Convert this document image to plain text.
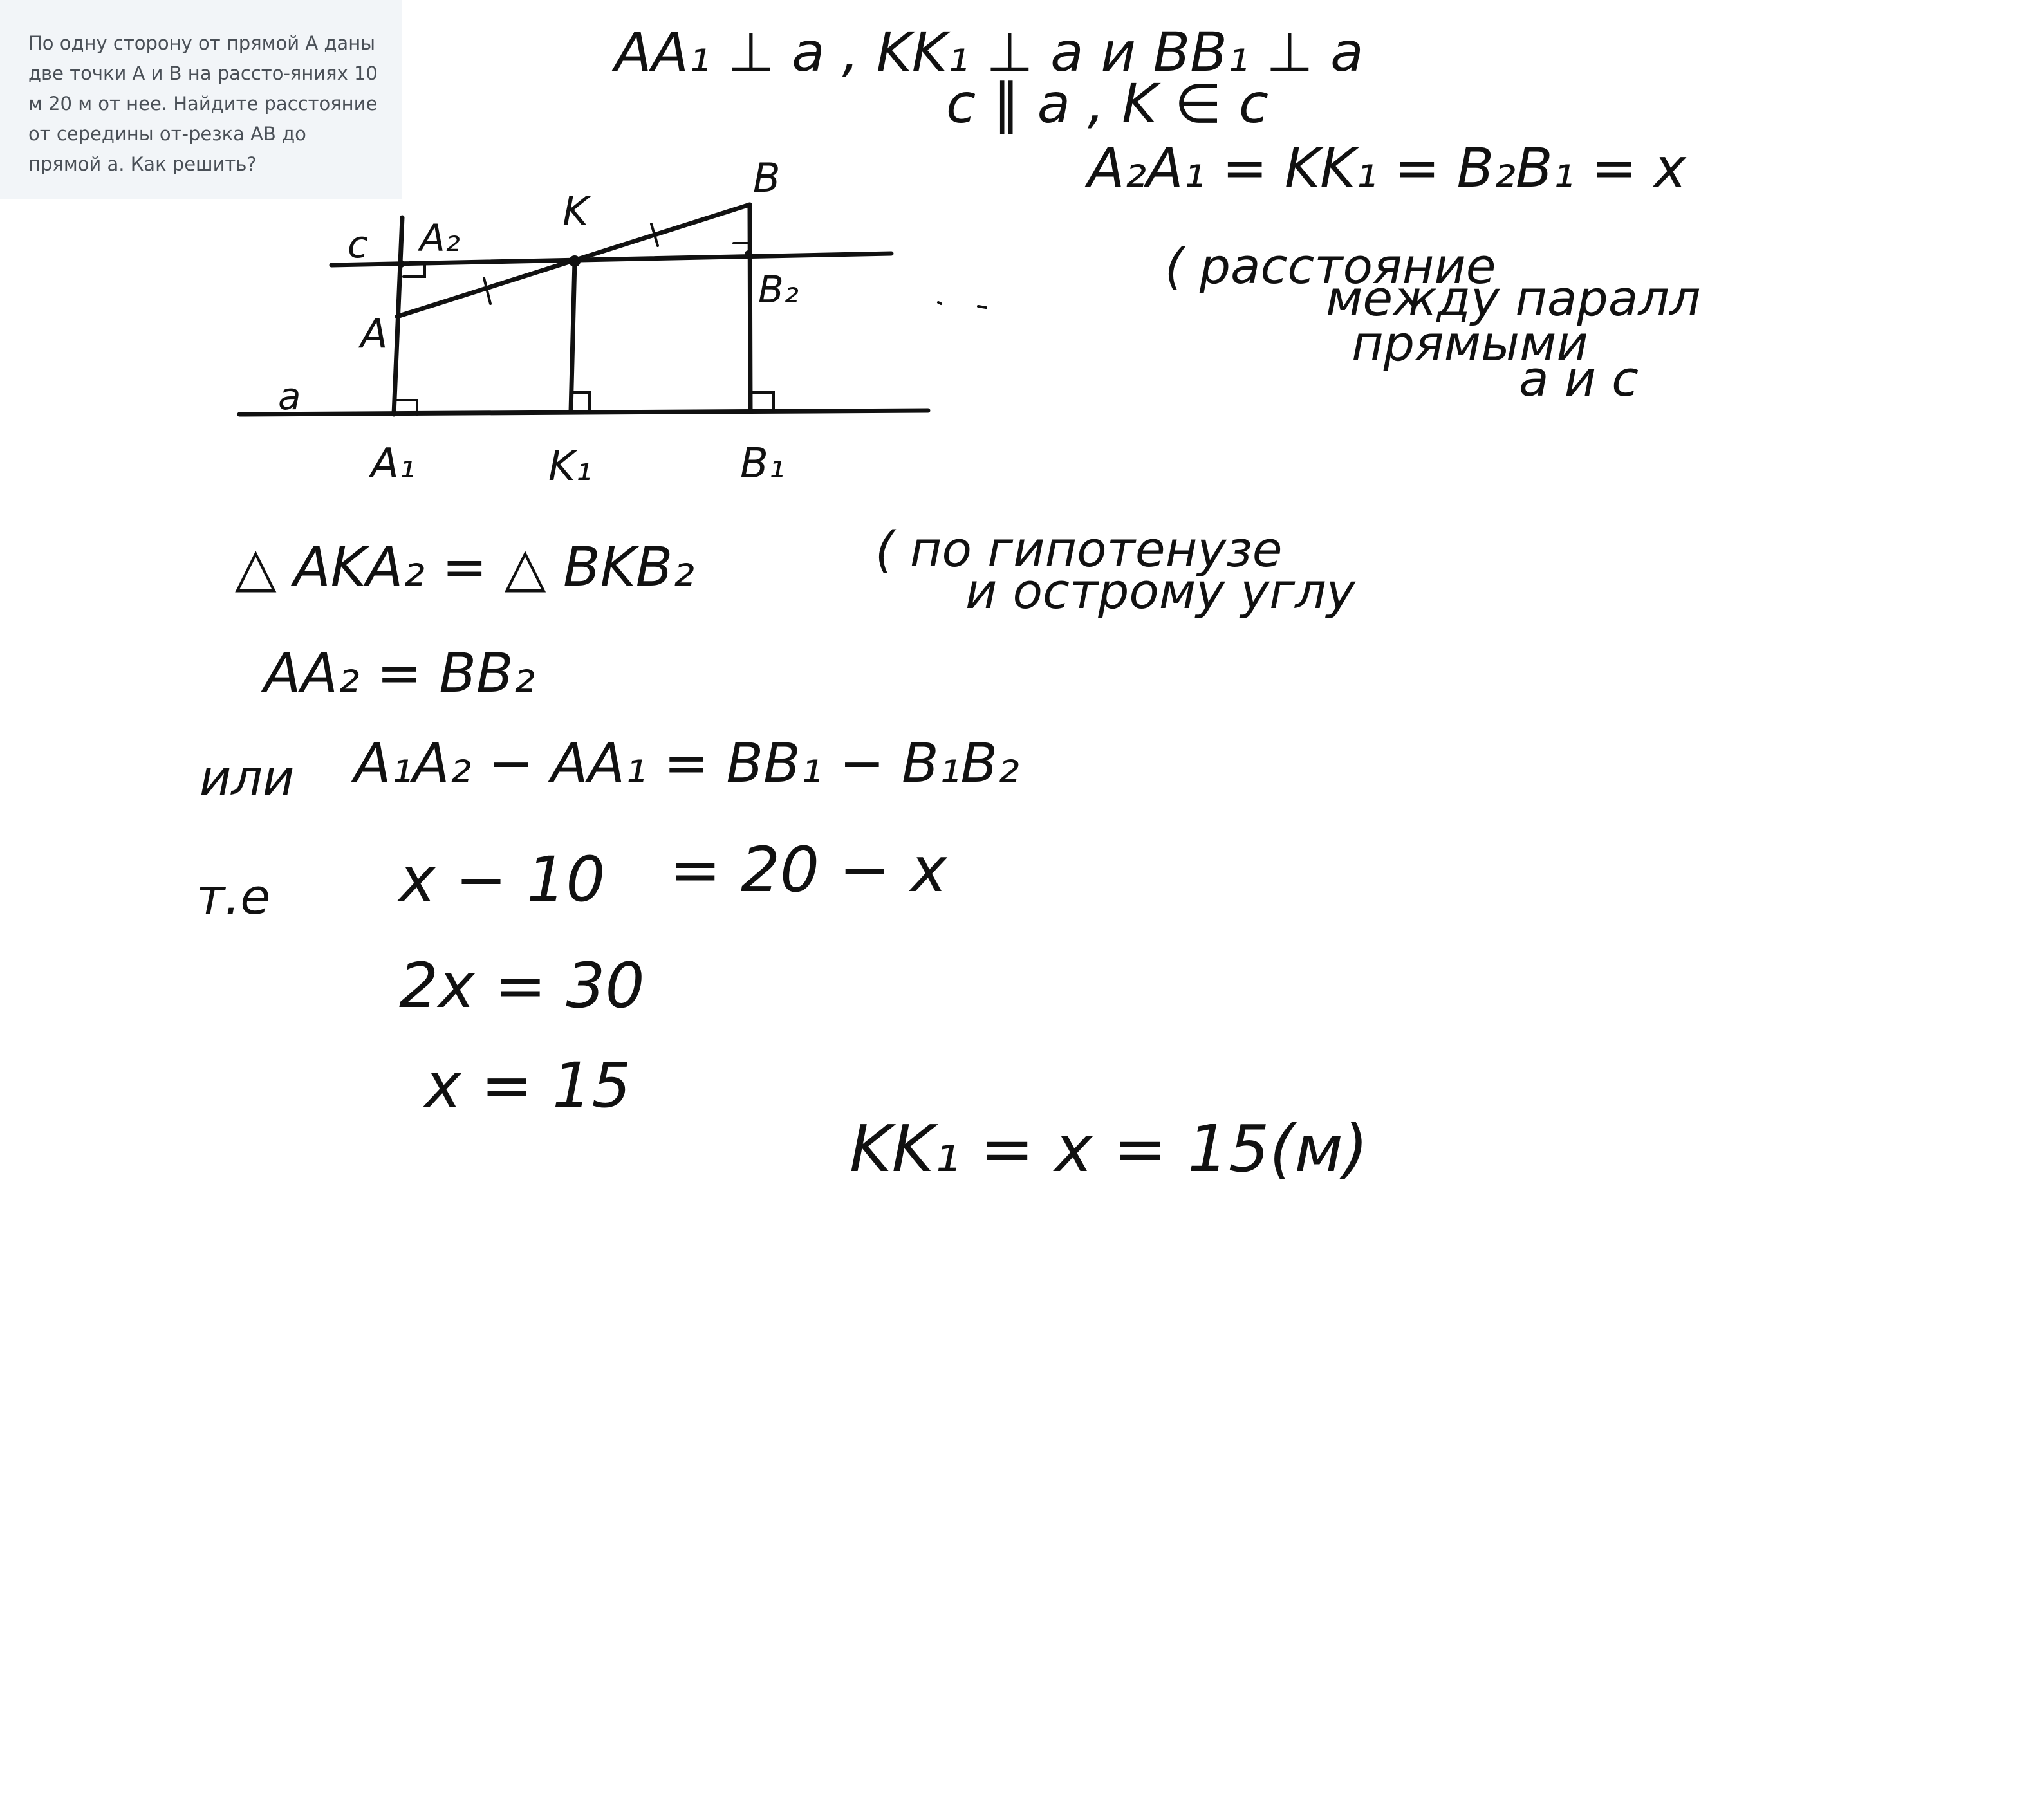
По одну сторону от прямой А даны две точки А и В на рассто-яниях 10 м 20 м от нее. Найдите расстояние от середины от-резка АВ до прямой а. Как решить?

c A₂
K
B
B₂
A
a
A₁	K₁	B₁
AA₁ ⊥ a , KK₁ ⊥ a и BB₁ ⊥ a
c ∥ a , K ∈ c
A₂A₁ = KK₁ = B₂B₁ = x
( расстояние
между паралл
прямыми
a и c
△ AKA₂ = △ BKB₂	( по гипотенузе
и острому углу
AA₂ = BB₂
или A₁A₂ − AA₁ = BB₁ − B₁B₂
т.е x − 10 = 20 − x
2x = 30
x = 15
KK₁ = x = 15(м)
